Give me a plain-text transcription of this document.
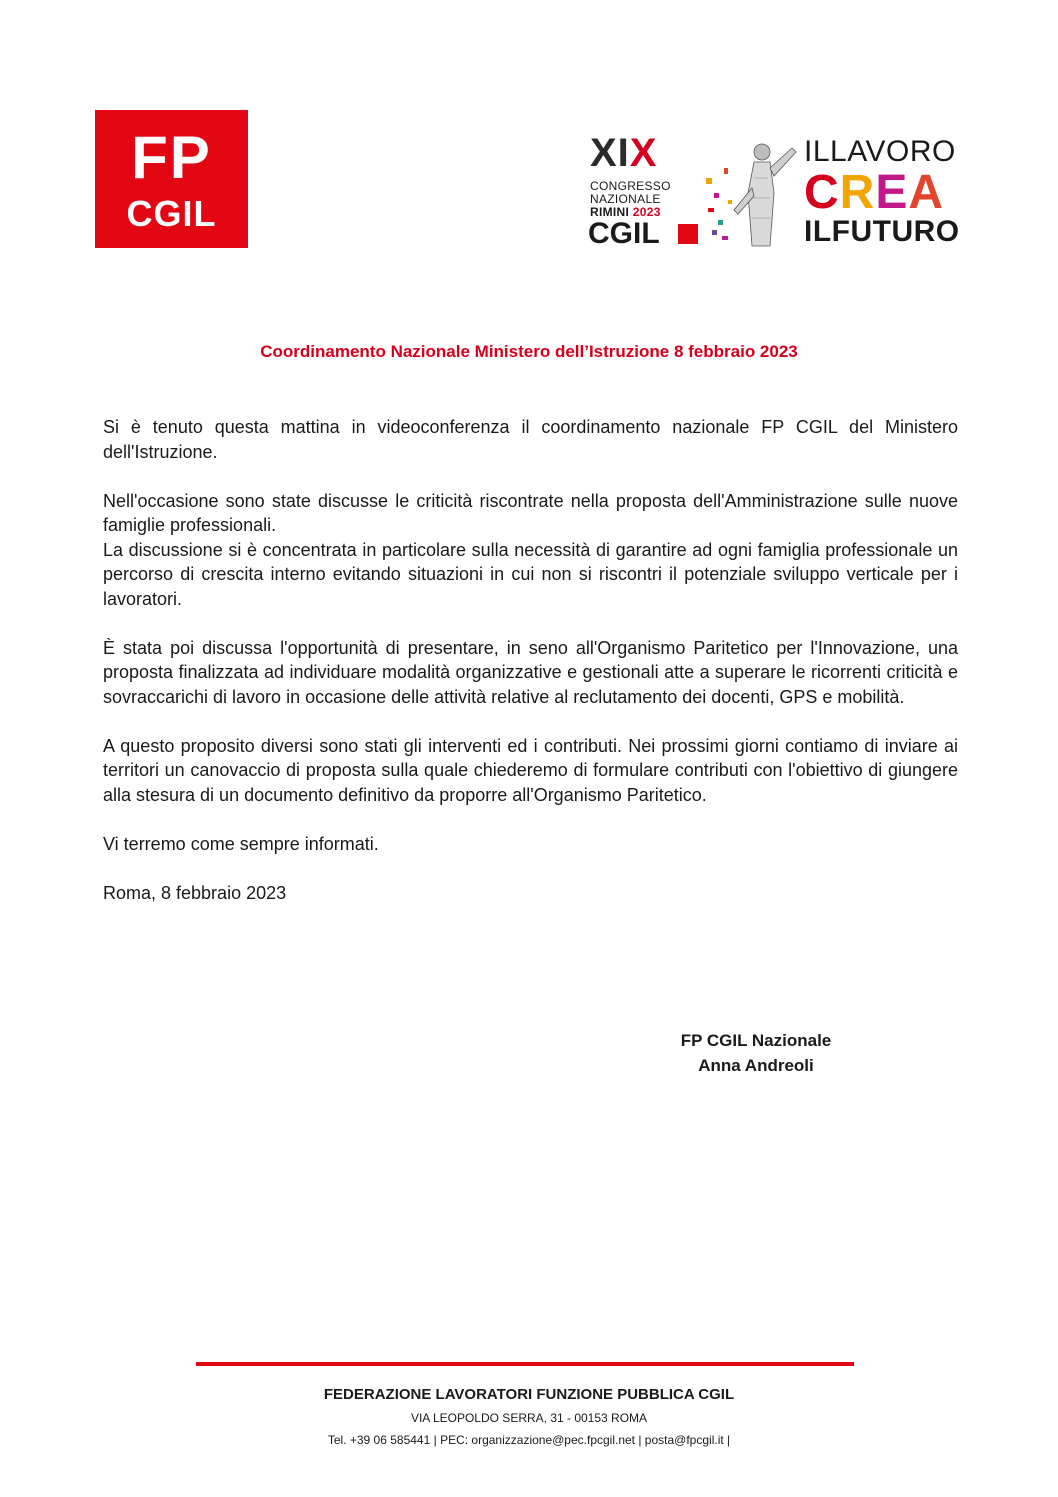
FP
CGIL
XIX
CONGRESSO
NAZIONALE
RIMINI 2023
CGIL
ILLAVORO
CREA
ILFUTURO
Coordinamento Nazionale Ministero dell’Istruzione 8 febbraio 2023

Si è tenuto questa mattina in videoconferenza il coordinamento nazionale FP CGIL del Ministero dell'Istruzione.

Nell'occasione sono state discusse le criticità riscontrate nella proposta dell'Amministrazione sulle nuove famiglie professionali.

La discussione si è concentrata in particolare sulla necessità di garantire ad ogni famiglia professionale un percorso di crescita interno evitando situazioni in cui non si riscontri il potenziale sviluppo verticale per i lavoratori.

È stata poi discussa l'opportunità di presentare, in seno all'Organismo Paritetico per l'Innovazione, una proposta finalizzata ad individuare modalità organizzative e gestionali atte a superare le ricorrenti criticità e sovraccarichi di lavoro in occasione delle attività relative al reclutamento dei docenti, GPS e mobilità.

A questo proposito diversi sono stati gli interventi ed i contributi. Nei prossimi giorni contiamo di inviare ai territori un canovaccio di proposta sulla quale chiederemo di formulare contributi con l'obiettivo di giungere alla stesura di un documento definitivo da proporre all'Organismo Paritetico.

Vi terremo come sempre informati.

Roma, 8 febbraio 2023

FP CGIL Nazionale
Anna Andreoli
FEDERAZIONE LAVORATORI FUNZIONE PUBBLICA CGIL
VIA LEOPOLDO SERRA, 31 - 00153 ROMA
Tel. +39 06 585441 | PEC: organizzazione@pec.fpcgil.net | posta@fpcgil.it |
